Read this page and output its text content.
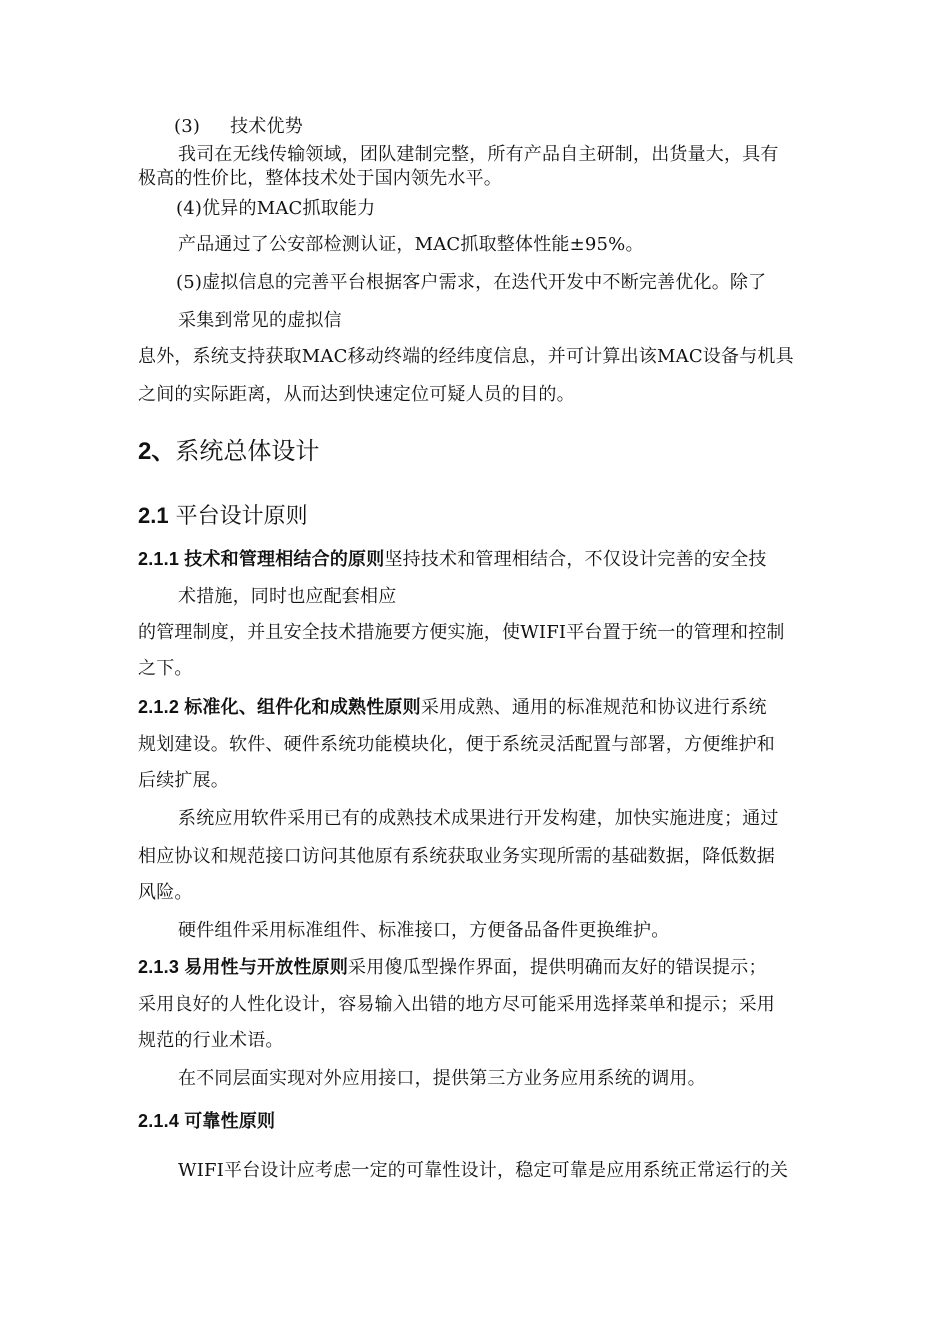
(3) 技术优势
我司在无线传输领域，团队建制完整，所有产品自主研制，出货量大，具有
极高的性价比，整体技术处于国内领先水平。
(4)优异的MAC抓取能力
产品通过了公安部检测认证，MAC抓取整体性能±95%。
(5)虚拟信息的完善平台根据客户需求，在迭代开发中不断完善优化。除了
采集到常见的虚拟信
息外，系统支持获取MAC移动终端的经纬度信息，并可计算出该MAC设备与机具
之间的实际距离，从而达到快速定位可疑人员的目的。
2、系统总体设计
2.1 平台设计原则
2.1.1 技术和管理相结合的原则坚持技术和管理相结合，不仅设计完善的安全技
术措施，同时也应配套相应
的管理制度，并且安全技术措施要方便实施，使WIFI平台置于统一的管理和控制
之下。
2.1.2 标准化、组件化和成熟性原则采用成熟、通用的标准规范和协议进行系统
规划建设。软件、硬件系统功能模块化，便于系统灵活配置与部署，方便维护和
后续扩展。
系统应用软件采用已有的成熟技术成果进行开发构建，加快实施进度；通过
相应协议和规范接口访问其他原有系统获取业务实现所需的基础数据，降低数据
风险。
硬件组件采用标准组件、标准接口，方便备品备件更换维护。
2.1.3 易用性与开放性原则采用傻瓜型操作界面，提供明确而友好的错误提示；
采用良好的人性化设计，容易输入出错的地方尽可能采用选择菜单和提示；采用
规范的行业术语。
在不同层面实现对外应用接口，提供第三方业务应用系统的调用。
2.1.4 可靠性原则
WIFI平台设计应考虑一定的可靠性设计，稳定可靠是应用系统正常运行的关
